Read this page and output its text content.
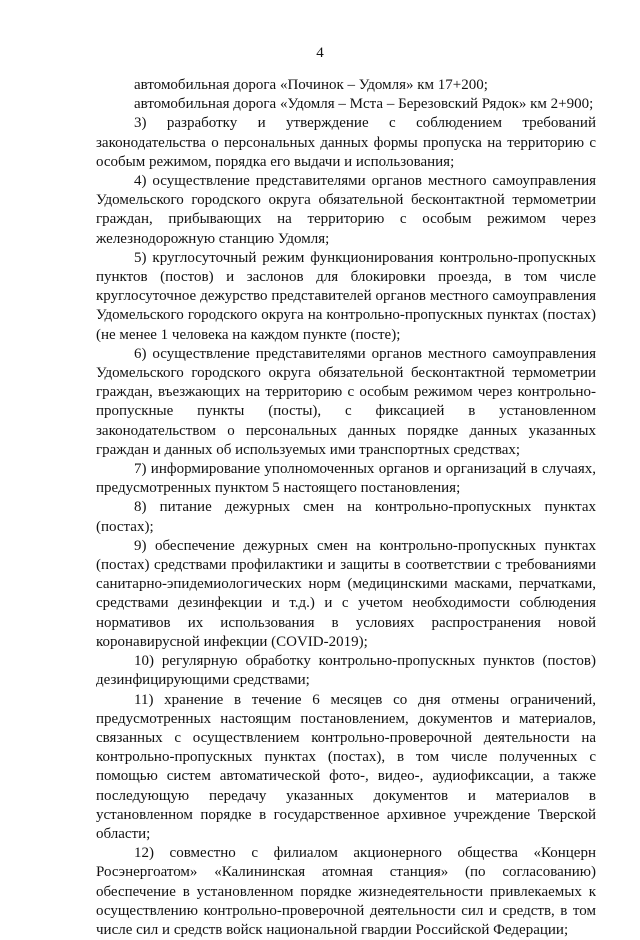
4

автомобильная дорога «Починок – Удомля» км 17+200;

автомобильная дорога «Удомля – Мста – Березовский Рядок» км 2+900;

3) разработку и утверждение с соблюдением требований законодательства о персональных данных формы пропуска на территорию с особым режимом, порядка его выдачи и использования;

4) осуществление представителями органов местного самоуправления Удомельского городского округа обязательной бесконтактной термометрии граждан, прибывающих на территорию с особым режимом через железнодорожную станцию Удомля;

5) круглосуточный режим функционирования контрольно-пропускных пунктов (постов) и заслонов для блокировки проезда, в том числе круглосуточное дежурство представителей органов местного самоуправления Удомельского городского округа на контрольно-пропускных пунктах (постах) (не менее 1 человека на каждом пункте (посте);

6) осуществление представителями органов местного самоуправления Удомельского городского округа обязательной бесконтактной термометрии граждан, въезжающих на территорию с особым режимом через контрольно-пропускные пункты (посты), с фиксацией в установленном законодательством о персональных данных порядке данных указанных граждан и данных об используемых ими транспортных средствах;

7) информирование уполномоченных органов и организаций в случаях, предусмотренных пунктом 5 настоящего постановления;

8) питание дежурных смен на контрольно-пропускных пунктах (постах);

9) обеспечение дежурных смен на контрольно-пропускных пунктах (постах) средствами профилактики и защиты в соответствии с требованиями санитарно-эпидемиологических норм (медицинскими масками, перчатками, средствами дезинфекции и т.д.) и с учетом необходимости соблюдения нормативов их использования в условиях распространения новой коронавирусной инфекции (COVID-2019);

10) регулярную обработку контрольно-пропускных пунктов (постов) дезинфицирующими средствами;

11) хранение в течение 6 месяцев со дня отмены ограничений, предусмотренных настоящим постановлением, документов и материалов, связанных с осуществлением контрольно-проверочной деятельности на контрольно-пропускных пунктах (постах), в том числе полученных с помощью систем автоматической фото-, видео-, аудиофиксации, а также последующую передачу указанных документов и материалов в установленном порядке в государственное архивное учреждение Тверской области;

12) совместно с филиалом акционерного общества «Концерн Росэнергоатом» «Калининская атомная станция» (по согласованию) обеспечение в установленном порядке жизнедеятельности привлекаемых к осуществлению контрольно-проверочной деятельности сил и средств, в том числе сил и средств войск национальной гвардии Российской Федерации;
